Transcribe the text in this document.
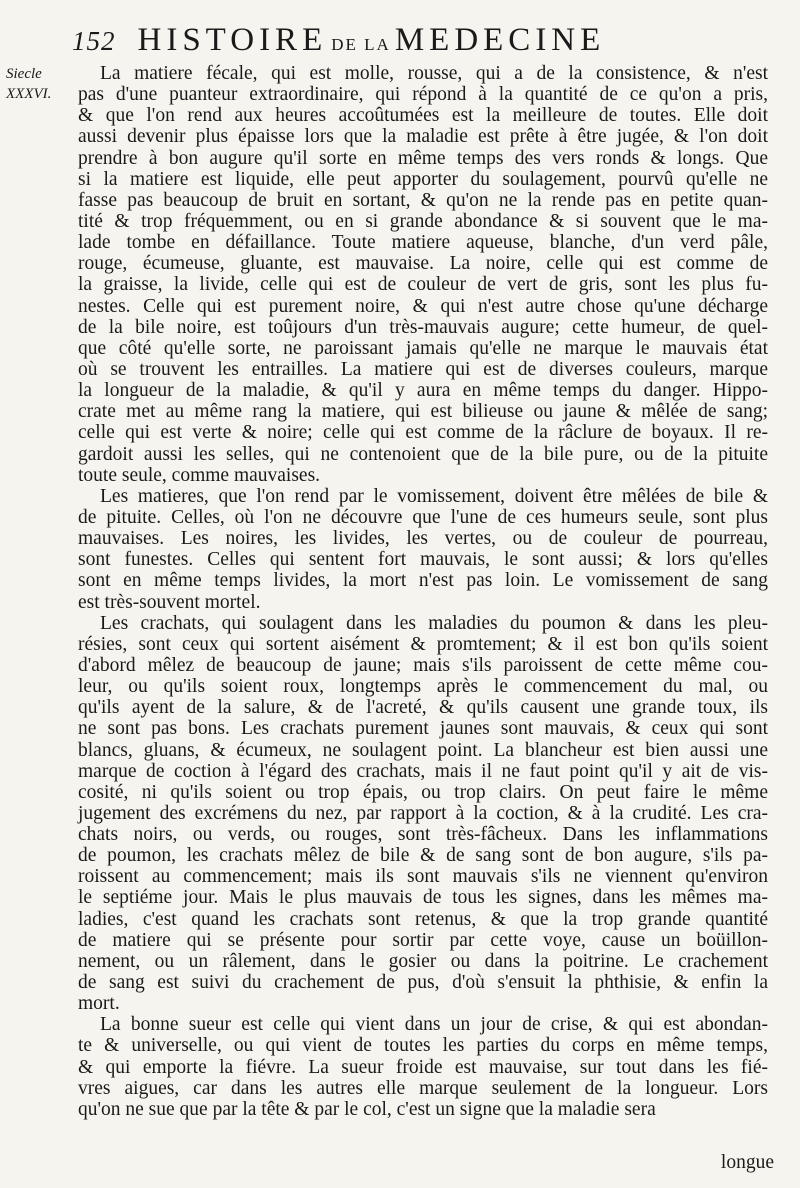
152 HISTOIRE DE LA MEDECINE
Siecle
XXXVI.
La matiere fécale, qui est molle, rousse, qui a de la consistence, & n'est
pas d'une puanteur extraordinaire, qui répond à la quantité de ce qu'on a pris,
& que l'on rend aux heures accoûtumées est la meilleure de toutes. Elle doit
aussi devenir plus épaisse lors que la maladie est prête à être jugée, & l'on doit
prendre à bon augure qu'il sorte en même temps des vers ronds & longs. Que
si la matiere est liquide, elle peut apporter du soulagement, pourvû qu'elle ne
fasse pas beaucoup de bruit en sortant, & qu'on ne la rende pas en petite quan-
tité & trop fréquemment, ou en si grande abondance & si souvent que le ma-
lade tombe en défaillance. Toute matiere aqueuse, blanche, d'un verd pâle,
rouge, écumeuse, gluante, est mauvaise. La noire, celle qui est comme de
la graisse, la livide, celle qui est de couleur de vert de gris, sont les plus fu-
nestes. Celle qui est purement noire, & qui n'est autre chose qu'une décharge
de la bile noire, est toûjours d'un très-mauvais augure; cette humeur, de quel-
que côté qu'elle sorte, ne paroissant jamais qu'elle ne marque le mauvais état
où se trouvent les entrailles. La matiere qui est de diverses couleurs, marque
la longueur de la maladie, & qu'il y aura en même temps du danger. Hippo-
crate met au même rang la matiere, qui est bilieuse ou jaune & mêlée de sang;
celle qui est verte & noire; celle qui est comme de la râclure de boyaux. Il re-
gardoit aussi les selles, qui ne contenoient que de la bile pure, ou de la pituite
toute seule, comme mauvaises.
Les matieres, que l'on rend par le vomissement, doivent être mêlées de bile &
de pituite. Celles, où l'on ne découvre que l'une de ces humeurs seule, sont plus
mauvaises. Les noires, les livides, les vertes, ou de couleur de pourreau,
sont funestes. Celles qui sentent fort mauvais, le sont aussi; & lors qu'elles
sont en même temps livides, la mort n'est pas loin. Le vomissement de sang
est très-souvent mortel.
Les crachats, qui soulagent dans les maladies du poumon & dans les pleu-
résies, sont ceux qui sortent aisément & promtement; & il est bon qu'ils soient
d'abord mêlez de beaucoup de jaune; mais s'ils paroissent de cette même cou-
leur, ou qu'ils soient roux, longtemps après le commencement du mal, ou
qu'ils ayent de la salure, & de l'acreté, & qu'ils causent une grande toux, ils
ne sont pas bons. Les crachats purement jaunes sont mauvais, & ceux qui sont
blancs, gluans, & écumeux, ne soulagent point. La blancheur est bien aussi une
marque de coction à l'égard des crachats, mais il ne faut point qu'il y ait de vis-
cosité, ni qu'ils soient ou trop épais, ou trop clairs. On peut faire le même
jugement des excrémens du nez, par rapport à la coction, & à la crudité. Les cra-
chats noirs, ou verds, ou rouges, sont très-fâcheux. Dans les inflammations
de poumon, les crachats mêlez de bile & de sang sont de bon augure, s'ils pa-
roissent au commencement; mais ils sont mauvais s'ils ne viennent qu'environ
le septiéme jour. Mais le plus mauvais de tous les signes, dans les mêmes ma-
ladies, c'est quand les crachats sont retenus, & que la trop grande quantité
de matiere qui se présente pour sortir par cette voye, cause un boüillon-
nement, ou un râlement, dans le gosier ou dans la poitrine. Le crachement
de sang est suivi du crachement de pus, d'où s'ensuit la phthisie, & enfin la
mort.
La bonne sueur est celle qui vient dans un jour de crise, & qui est abondan-
te & universelle, ou qui vient de toutes les parties du corps en même temps,
& qui emporte la fiévre. La sueur froide est mauvaise, sur tout dans les fié-
vres aigues, car dans les autres elle marque seulement de la longueur. Lors
qu'on ne sue que par la tête & par le col, c'est un signe que la maladie sera
longue
